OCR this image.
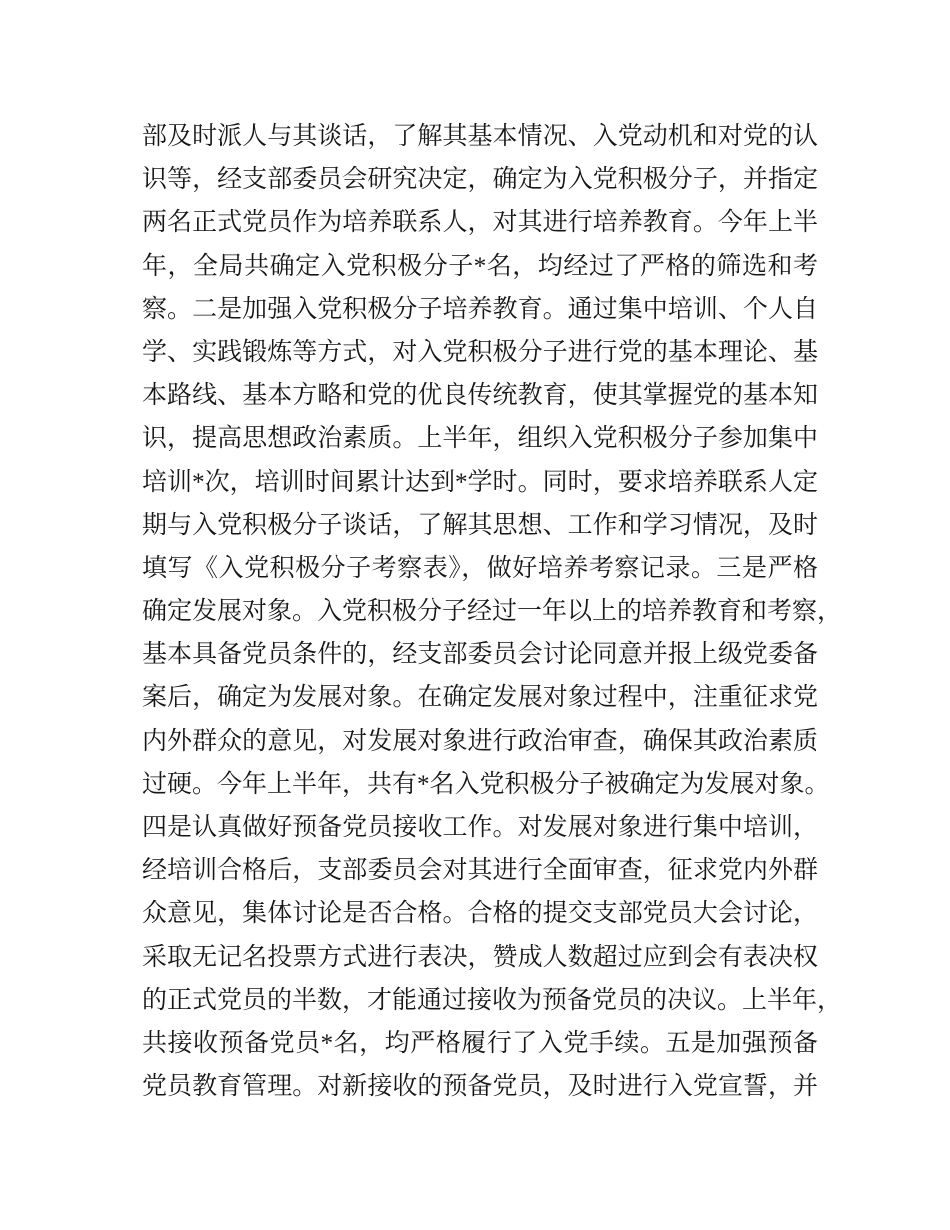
部及时派人与其谈话，了解其基本情况、入党动机和对党的认
识等，经支部委员会研究决定，确定为入党积极分子，并指定
两名正式党员作为培养联系人，对其进行培养教育。今年上半
年，全局共确定入党积极分子*名，均经过了严格的筛选和考
察。二是加强入党积极分子培养教育。通过集中培训、个人自
学、实践锻炼等方式，对入党积极分子进行党的基本理论、基
本路线、基本方略和党的优良传统教育，使其掌握党的基本知
识，提高思想政治素质。上半年，组织入党积极分子参加集中
培训*次，培训时间累计达到*学时。同时，要求培养联系人定
期与入党积极分子谈话，了解其思想、工作和学习情况，及时
填写《入党积极分子考察表》，做好培养考察记录。三是严格
确定发展对象。入党积极分子经过一年以上的培养教育和考察，
基本具备党员条件的，经支部委员会讨论同意并报上级党委备
案后，确定为发展对象。在确定发展对象过程中，注重征求党
内外群众的意见，对发展对象进行政治审查，确保其政治素质
过硬。今年上半年，共有*名入党积极分子被确定为发展对象。
四是认真做好预备党员接收工作。对发展对象进行集中培训，
经培训合格后，支部委员会对其进行全面审查，征求党内外群
众意见，集体讨论是否合格。合格的提交支部党员大会讨论，
采取无记名投票方式进行表决，赞成人数超过应到会有表决权
的正式党员的半数，才能通过接收为预备党员的决议。上半年，
共接收预备党员*名，均严格履行了入党手续。五是加强预备
党员教育管理。对新接收的预备党员，及时进行入党宣誓，并
